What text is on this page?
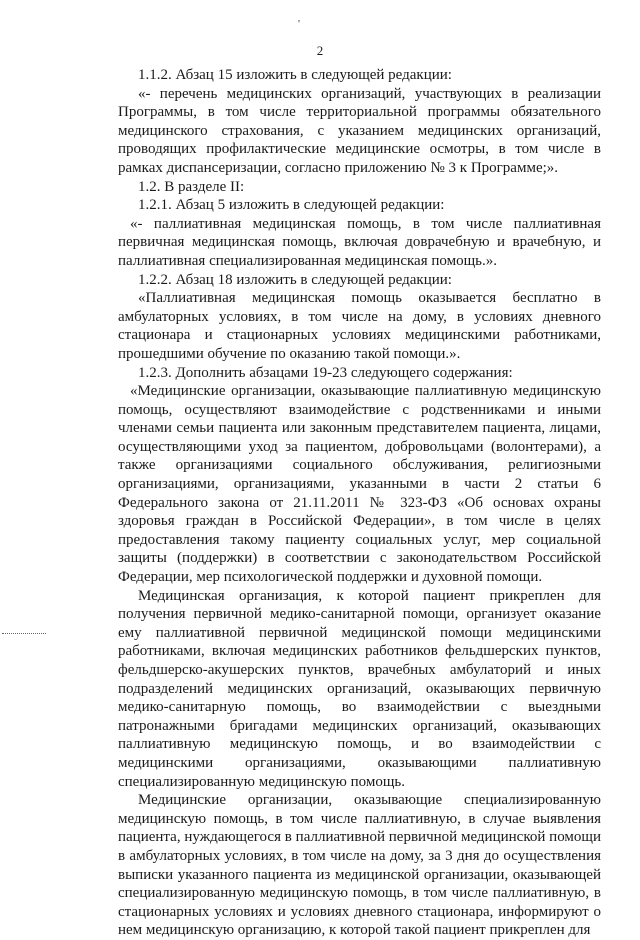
'
2

1.1.2. Абзац 15 изложить в следующей редакции:

«- перечень медицинских организаций, участвующих в реализации Программы, в том числе территориальной программы обязательного медицинского страхования, с указанием медицинских организаций, проводящих профилактические медицинские осмотры, в том числе в рамках диспансеризации, согласно приложению № 3 к Программе;».

1.2. В разделе II:

1.2.1. Абзац 5 изложить в следующей редакции:

«- паллиативная медицинская помощь, в том числе паллиативная первичная медицинская помощь, включая доврачебную и врачебную, и паллиативная специализированная медицинская помощь.».

1.2.2. Абзац 18 изложить в следующей редакции:

«Паллиативная медицинская помощь оказывается бесплатно в амбулаторных условиях, в том числе на дому, в условиях дневного стационара и стационарных условиях медицинскими работниками, прошедшими обучение по оказанию такой помощи.».

1.2.3. Дополнить абзацами 19-23 следующего содержания:

«Медицинские организации, оказывающие паллиативную медицинскую помощь, осуществляют взаимодействие с родственниками и иными членами семьи пациента или законным представителем пациента, лицами, осуществляющими уход за пациентом, добровольцами (волонтерами), а также организациями социального обслуживания, религиозными организациями, организациями, указанными в части 2 статьи 6 Федерального закона от 21.11.2011 № 323-ФЗ «Об основах охраны здоровья граждан в Российской Федерации», в том числе в целях предоставления такому пациенту социальных услуг, мер социальной защиты (поддержки) в соответствии с законодательством Российской Федерации, мер психологической поддержки и духовной помощи.

Медицинская организация, к которой пациент прикреплен для получения первичной медико-санитарной помощи, организует оказание ему паллиативной первичной медицинской помощи медицинскими работниками, включая медицинских работников фельдшерских пунктов, фельдшерско-акушерских пунктов, врачебных амбулаторий и иных подразделений медицинских организаций, оказывающих первичную медико-санитарную помощь, во взаимодействии с выездными патронажными бригадами медицинских организаций, оказывающих паллиативную медицинскую помощь, и во взаимодействии с медицинскими организациями, оказывающими паллиативную специализированную медицинскую помощь.

Медицинские организации, оказывающие специализированную медицинскую помощь, в том числе паллиативную, в случае выявления пациента, нуждающегося в паллиативной первичной медицинской помощи в амбулаторных условиях, в том числе на дому, за 3 дня до осуществления выписки указанного пациента из медицинской организации, оказывающей специализированную медицинскую помощь, в том числе паллиативную, в стационарных условиях и условиях дневного стационара, информируют о нем медицинскую организацию, к которой такой пациент прикреплен для
